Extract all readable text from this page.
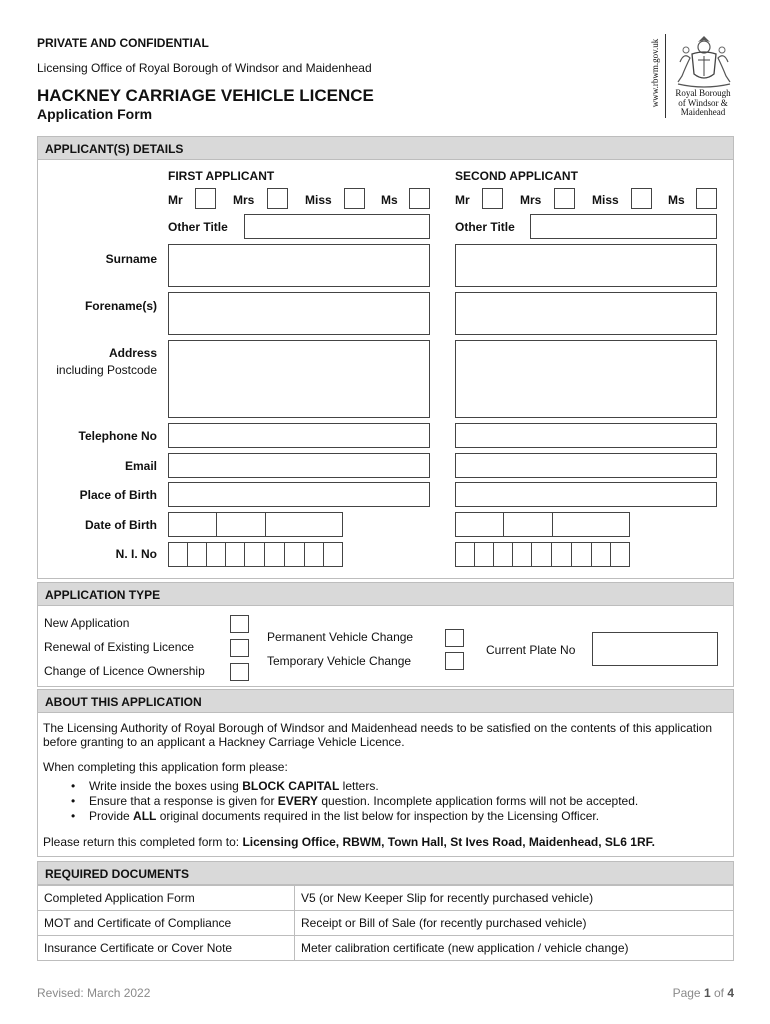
PRIVATE AND CONFIDENTIAL
Licensing Office of Royal Borough of Windsor and Maidenhead
HACKNEY CARRIAGE VEHICLE LICENCE
Application Form
www.rbwm.gov.uk	Royal Borough
of Windsor &
Maidenhead
APPLICANT(S) DETAILS
FIRST APPLICANT	SECOND APPLICANT
Mr	Mrs	Miss	Ms	Mr	Mrs	Miss	Ms
Other Title	Other Title
Surname
Forename(s)
Address
including Postcode
Telephone No
Email
Place of Birth
Date of Birth
N. I. No
APPLICATION TYPE
New Application
Renewal of Existing Licence
Change of Licence Ownership
Permanent Vehicle Change
Temporary Vehicle Change
Current Plate No
ABOUT THIS APPLICATION
The Licensing Authority of Royal Borough of Windsor and Maidenhead needs to be satisfied on the contents of this application before granting to an applicant a Hackney Carriage Vehicle Licence.
When completing this application form please:
• Write inside the boxes using BLOCK CAPITAL letters.
• Ensure that a response is given for EVERY question. Incomplete application forms will not be accepted.
• Provide ALL original documents required in the list below for inspection by the Licensing Officer.
Please return this completed form to: Licensing Office, RBWM, Town Hall, St Ives Road, Maidenhead, SL6 1RF.
REQUIRED DOCUMENTS
Completed Application Form	V5 (or New Keeper Slip for recently purchased vehicle)
MOT and Certificate of Compliance	Receipt or Bill of Sale (for recently purchased vehicle)
Insurance Certificate or Cover Note	Meter calibration certificate (new application / vehicle change)
Revised: March 2022	Page 1 of 4
